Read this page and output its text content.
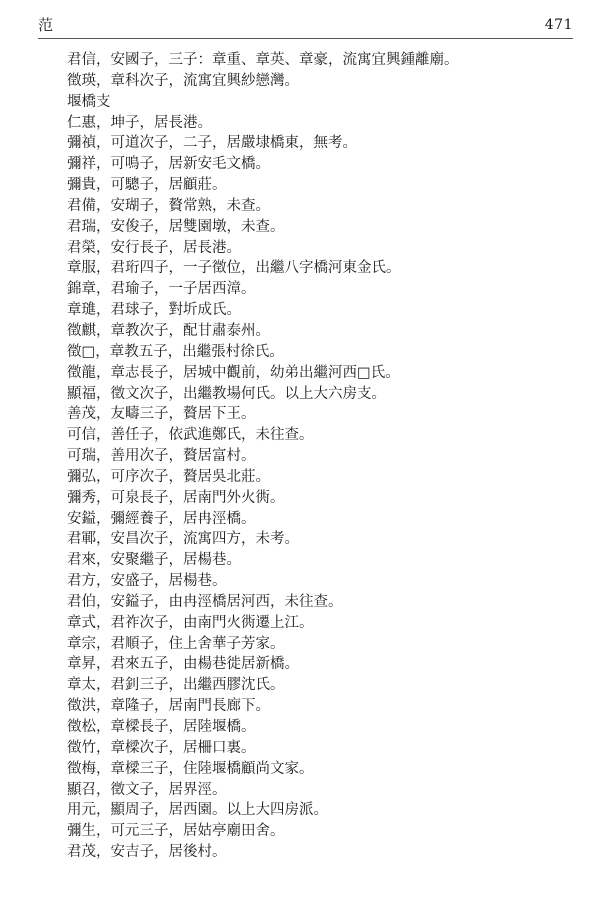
范	471
君信，安國子，三子：章重、章英、章豪，流寓宜興鍾離廟。
徵瑛，章科次子，流寓宜興紗戀灣。
堰橋支
仁惠，坤子，居長港。
彌禎，可道次子，二子，居嚴埭橋東，無考。
彌祥，可鳴子，居新安毛文橋。
彌貴，可驄子，居顧莊。
君備，安瑚子，贅常熟，未查。
君瑞，安俊子，居雙園墩，未查。
君榮，安行長子，居長港。
章服，君珩四子，一子徵位，出繼八字橋河東金氏。
錦章，君瑜子，一子居西漳。
章璡，君球子，對圻成氏。
徵麒，章教次子，配甘肅泰州。
徵□，章教五子，出繼張村徐氏。
徵龍，章志長子，居城中觀前，幼弟出繼河西□氏。
顯福，徵文次子，出繼教場何氏。以上大六房支。
善茂，友疇三子，贅居下王。
可信，善任子，依武進鄭氏，未往查。
可瑞，善用次子，贅居富村。
彌弘，可序次子，贅居吳北莊。
彌秀，可泉長子，居南門外火衖。
安鎰，彌經養子，居冉涇橋。
君鄆，安昌次子，流寓四方，未考。
君來，安聚繼子，居楊巷。
君方，安盛子，居楊巷。
君伯，安鎰子，由冉涇橋居河西，未往查。
章式，君祚次子，由南門火衖遷上江。
章宗，君順子，住上舍華子芳家。
章昇，君來五子，由楊巷徙居新橋。
章太，君釗三子，出繼西膠沈氏。
徵洪，章隆子，居南門長廊下。
徵松，章樑長子，居陸堰橋。
徵竹，章樑次子，居柵口裏。
徵梅，章樑三子，住陸堰橋顧尚文家。
顯召，徵文子，居界涇。
用元，顯周子，居西園。以上大四房派。
彌生，可元三子，居姑亭廟田舍。
君茂，安吉子，居後村。
